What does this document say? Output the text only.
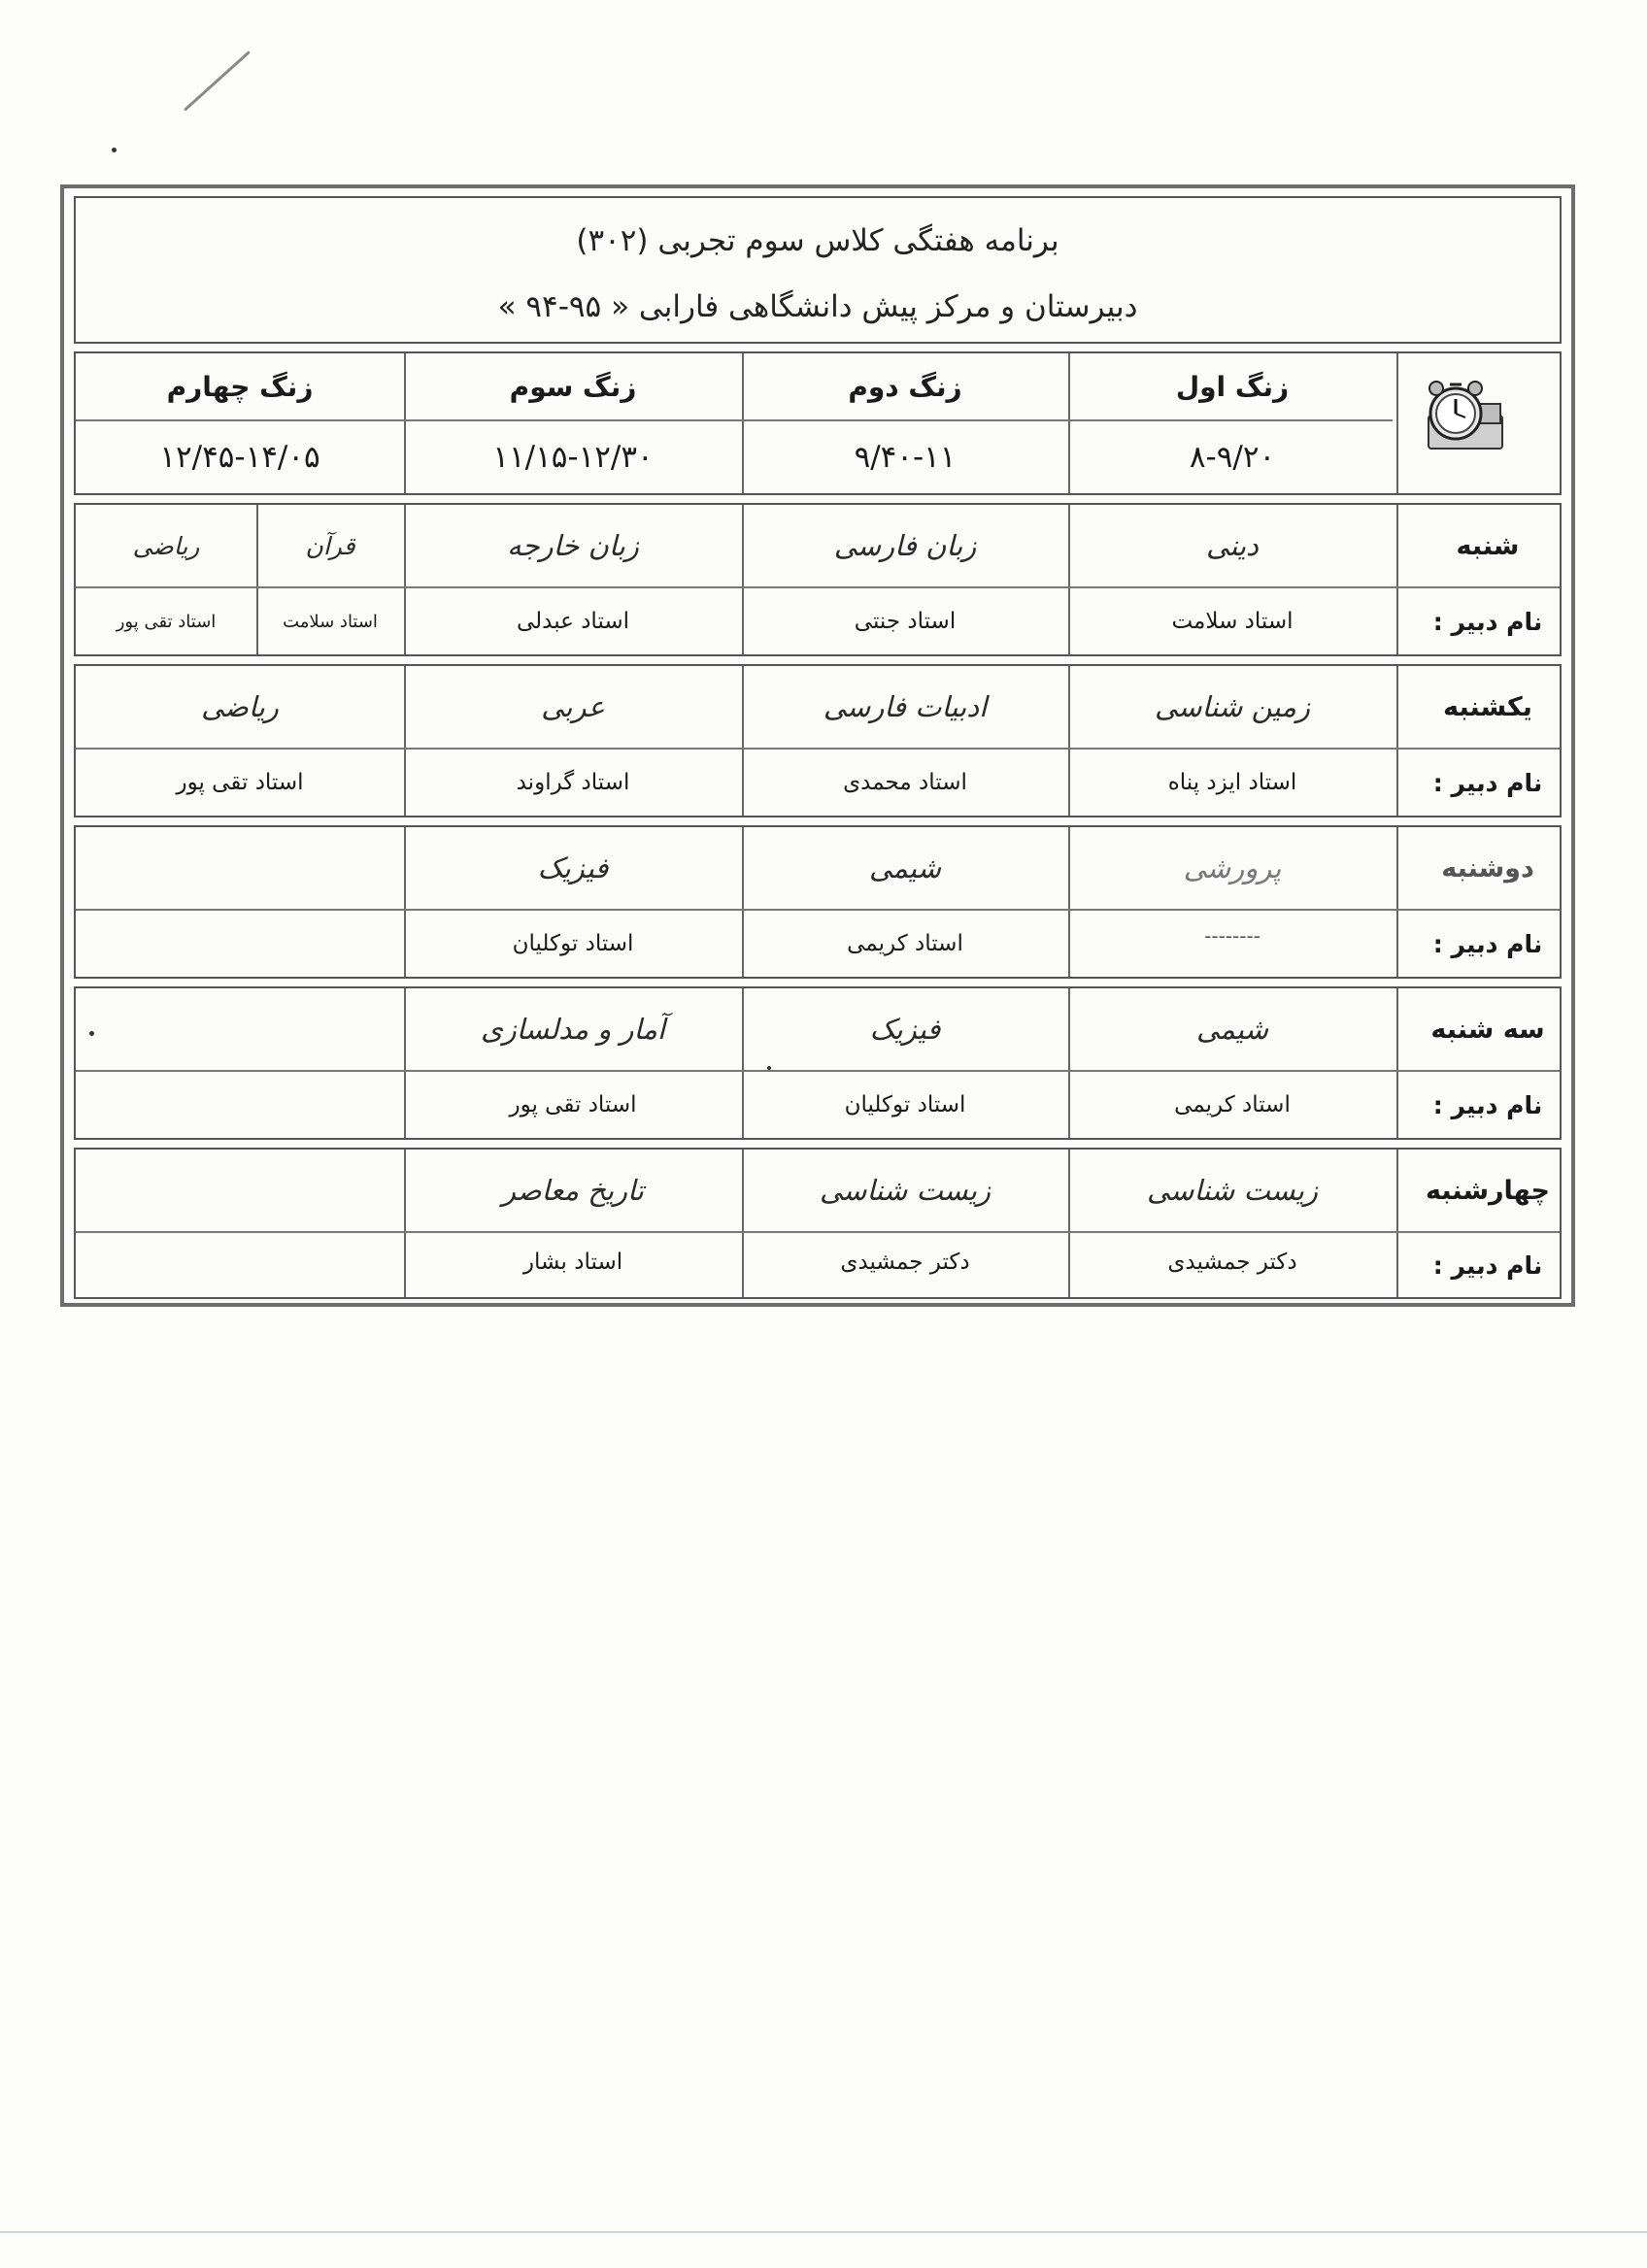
برنامه هفتگی کلاس سوم تجربی (۳۰۲)
دبیرستان و مرکز پیش دانشگاهی فارابی « ۹۵-۹۴ »
زنگ اول
زنگ دوم
زنگ سوم
زنگ چهارم
۸-۹/۲۰
۹/۴۰-۱۱
۱۱/۱۵-۱۲/۳۰
۱۲/۴۵-۱۴/۰۵
شنبه
نام دبیر :
دینی
زبان فارسی
زبان خارجه
قرآن
ریاضی
استاد سلامت
استاد جنتی
استاد عبدلی
استاد سلامت
استاد تقی پور
یکشنبه
نام دبیر :
زمین شناسی
ادبیات فارسی
عربی
ریاضی
استاد ایزد پناه
استاد محمدی
استاد گراوند
استاد تقی پور
دوشنبه
نام دبیر :
پرورشی
شیمی
فیزیک
--------
استاد کریمی
استاد توکلیان
سه شنبه
نام دبیر :
شیمی
فیزیک
آمار و مدلسازی
استاد کریمی
استاد توکلیان
استاد تقی پور
چهارشنبه
نام دبیر :
زیست شناسی
زیست شناسی
تاریخ معاصر
دکتر جمشیدی
دکتر جمشیدی
استاد بشار
